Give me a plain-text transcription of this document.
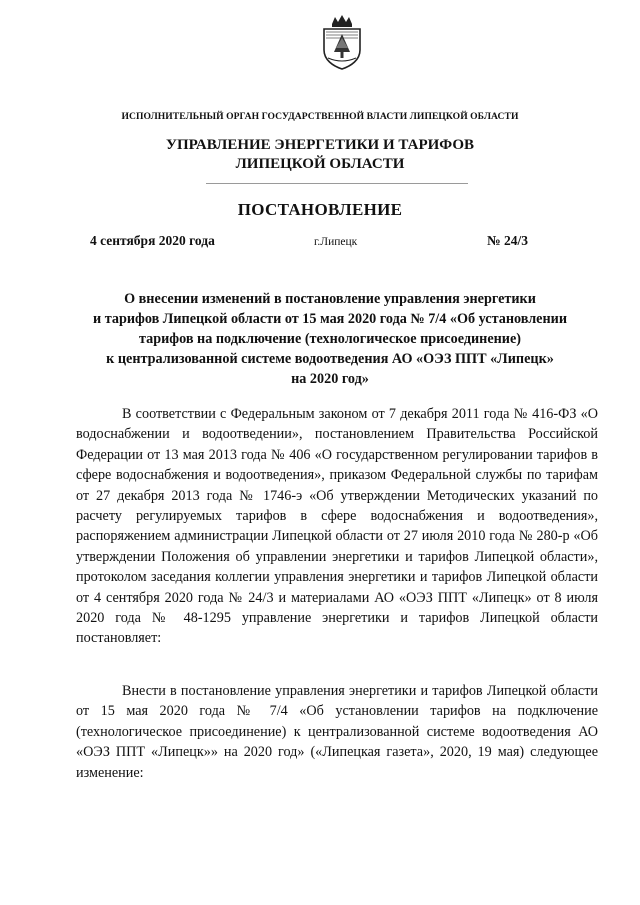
ИСПОЛНИТЕЛЬНЫЙ ОРГАН ГОСУДАРСТВЕННОЙ ВЛАСТИ ЛИПЕЦКОЙ ОБЛАСТИ
УПРАВЛЕНИЕ ЭНЕРГЕТИКИ И ТАРИФОВ
ЛИПЕЦКОЙ ОБЛАСТИ
ПОСТАНОВЛЕНИЕ
4 сентября 2020 года	г.Липецк	№ 24/3
О внесении изменений в постановление управления энергетики
и тарифов Липецкой области от 15 мая 2020 года № 7/4 «Об установлении
тарифов на подключение (технологическое присоединение)
к централизованной системе водоотведения АО «ОЭЗ ППТ «Липецк»
на 2020 год»

В соответствии с Федеральным законом от 7 декабря 2011 года № 416-ФЗ «О водоснабжении и водоотведении», постановлением Правительства Российской Федерации от 13 мая 2013 года № 406 «О государственном регулировании тарифов в сфере водоснабжения и водоотведения», приказом Федеральной службы по тарифам от 27 декабря 2013 года № 1746-э «Об утверждении Методических указаний по расчету регулируемых тарифов в сфере водоснабжения и водоотведения», распоряжением администрации Липецкой области от 27 июля 2010 года № 280-р «Об утверждении Положения об управлении энергетики и тарифов Липецкой области», протоколом заседания коллегии управления энергетики и тарифов Липецкой области от 4 сентября 2020 года № 24/3 и материалами АО «ОЭЗ ППТ «Липецк» от 8 июля 2020 года № 48-1295 управление энергетики и тарифов Липецкой области постановляет:

Внести в постановление управления энергетики и тарифов Липецкой области от 15 мая 2020 года № 7/4 «Об установлении тарифов на подключение (технологическое присоединение) к централизованной системе водоотведения АО «ОЭЗ ППТ «Липецк»» на 2020 год» («Липецкая газета», 2020, 19 мая) следующее изменение:
